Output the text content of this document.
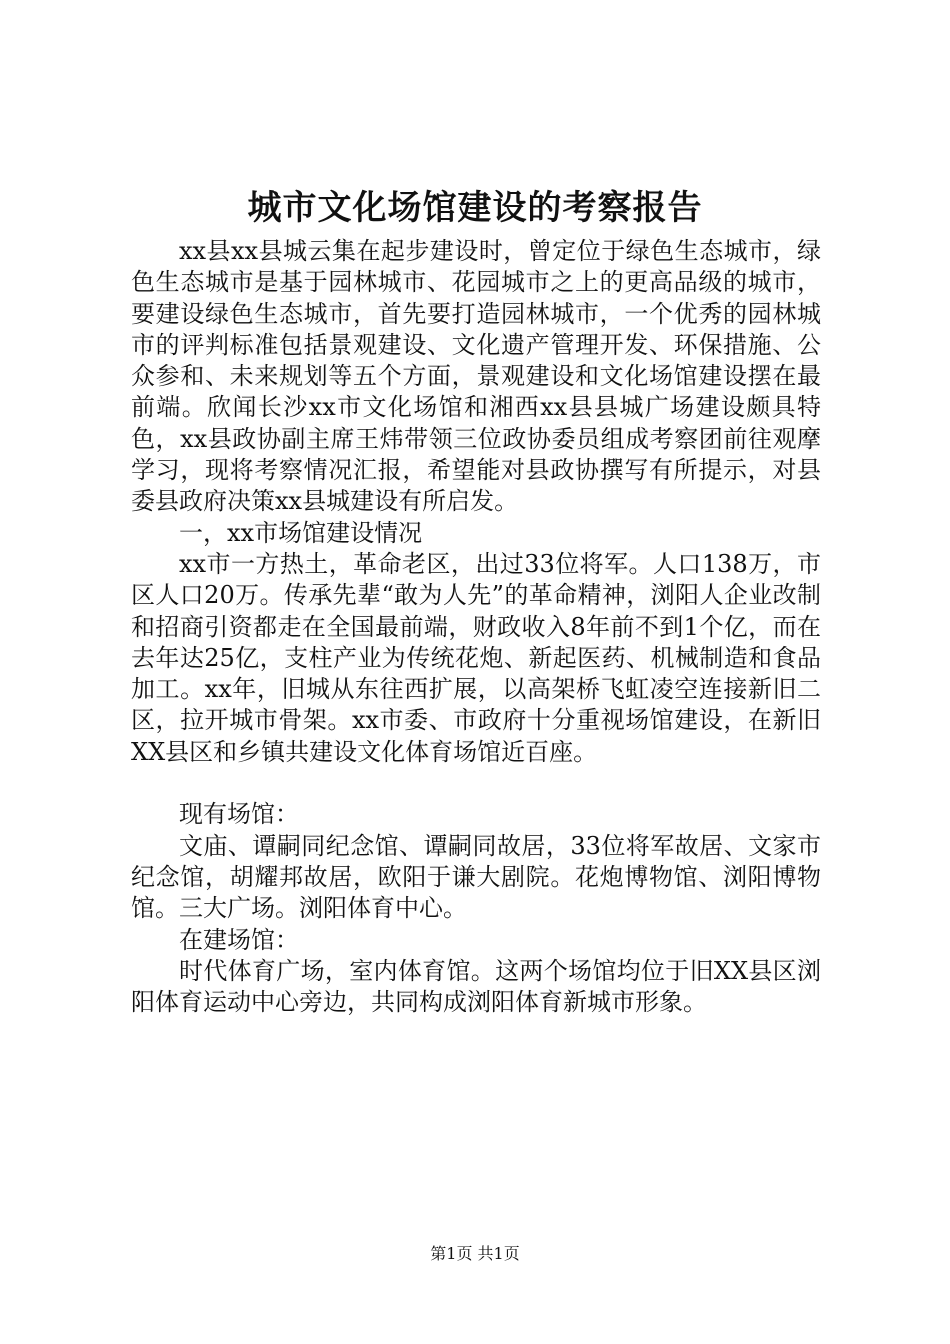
城市文化场馆建设的考察报告

xx县xx县城云集在起步建设时，曾定位于绿色生态城市，绿色生态城市是基于园林城市、花园城市之上的更高品级的城市，要建设绿色生态城市，首先要打造园林城市，一个优秀的园林城市的评判标准包括景观建设、文化遗产管理开发、环保措施、公众参和、未来规划等五个方面，景观建设和文化场馆建设摆在最前端。欣闻长沙xx市文化场馆和湘西xx县县城广场建设颇具特色，xx县政协副主席王炜带领三位政协委员组成考察团前往观摩学习，现将考察情况汇报，希望能对县政协撰写有所提示，对县委县政府决策xx县城建设有所启发。

一，xx市场馆建设情况

xx市一方热土，革命老区，出过33位将军。人口138万，市区人口20万。传承先辈“敢为人先”的革命精神，浏阳人企业改制和招商引资都走在全国最前端，财政收入8年前不到1个亿，而在去年达25亿，支柱产业为传统花炮、新起医药、机械制造和食品加工。xx年，旧城从东往西扩展，以高架桥飞虹凌空连接新旧二区，拉开城市骨架。xx市委、市政府十分重视场馆建设，在新旧XX县区和乡镇共建设文化体育场馆近百座。

现有场馆：

文庙、谭嗣同纪念馆、谭嗣同故居，33位将军故居、文家市纪念馆，胡耀邦故居，欧阳于谦大剧院。花炮博物馆、浏阳博物馆。三大广场。浏阳体育中心。

在建场馆：

时代体育广场，室内体育馆。这两个场馆均位于旧XX县区浏阳体育运动中心旁边，共同构成浏阳体育新城市形象。

第1页 共1页
